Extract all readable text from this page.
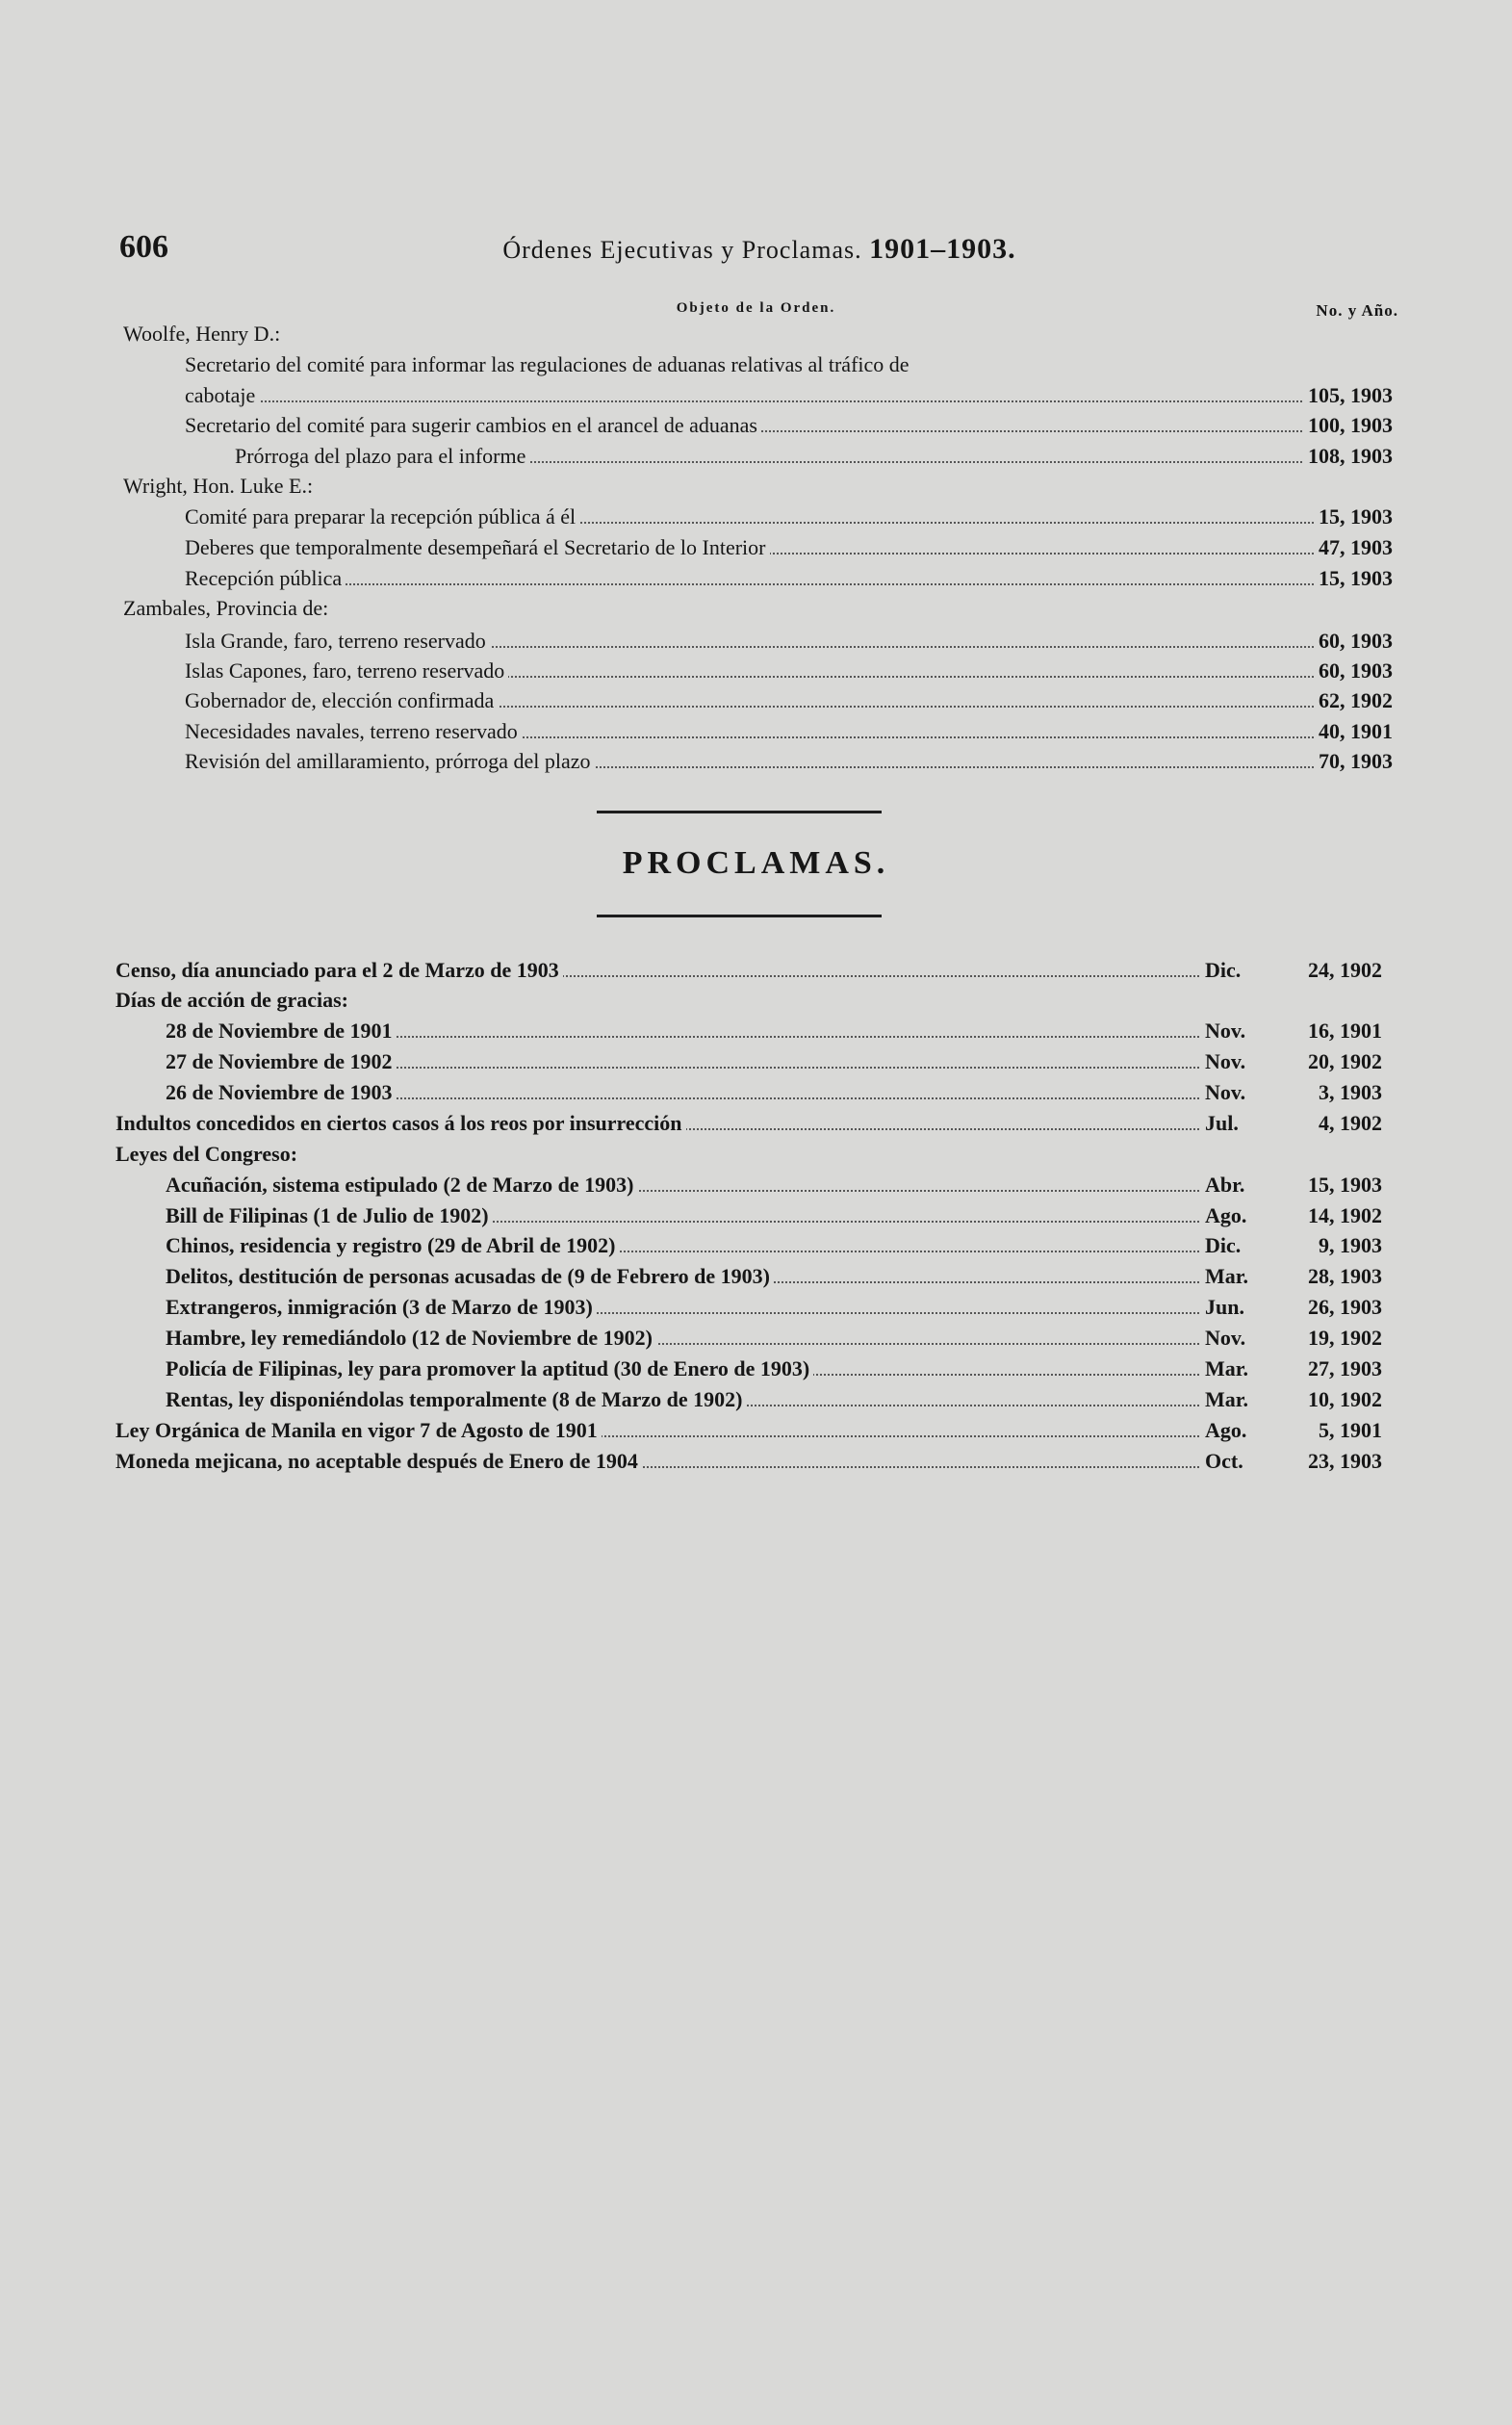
606	Órdenes Ejecutivas y Proclamas. 1901–1903.
Objeto de la Orden.	No. y Año.
Woolfe, Henry D.:
Secretario del comité para informar las regulaciones de aduanas relativas al tráfico de
cabotaje	105, 1903
Secretario del comité para sugerir cambios en el arancel de aduanas	100, 1903
Prórroga del plazo para el informe	108, 1903
Wright, Hon. Luke E.:
Comité para preparar la recepción pública á él	15, 1903
Deberes que temporalmente desempeñará el Secretario de lo Interior	47, 1903
Recepción pública	15, 1903
Zambales, Provincia de:
Isla Grande, faro, terreno reservado	60, 1903
Islas Capones, faro, terreno reservado	60, 1903
Gobernador de, elección confirmada	62, 1902
Necesidades navales, terreno reservado	40, 1901
Revisión del amillaramiento, prórroga del plazo	70, 1903
PROCLAMAS.
Censo, día anunciado para el 2 de Marzo de 1903	Dic.	24, 1902
Días de acción de gracias:
28 de Noviembre de 1901	Nov.	16, 1901
27 de Noviembre de 1902	Nov.	20, 1902
26 de Noviembre de 1903	Nov.	3, 1903
Indultos concedidos en ciertos casos á los reos por insurrección	Jul.	4, 1902
Leyes del Congreso:
Acuñación, sistema estipulado (2 de Marzo de 1903)	Abr.	15, 1903
Bill de Filipinas (1 de Julio de 1902)	Ago.	14, 1902
Chinos, residencia y registro (29 de Abril de 1902)	Dic.	9, 1903
Delitos, destitución de personas acusadas de (9 de Febrero de 1903)	Mar.	28, 1903
Extrangeros, inmigración (3 de Marzo de 1903)	Jun.	26, 1903
Hambre, ley remediándolo (12 de Noviembre de 1902)	Nov.	19, 1902
Policía de Filipinas, ley para promover la aptitud (30 de Enero de 1903)	Mar.	27, 1903
Rentas, ley disponiéndolas temporalmente (8 de Marzo de 1902)	Mar.	10, 1902
Ley Orgánica de Manila en vigor 7 de Agosto de 1901	Ago.	5, 1901
Moneda mejicana, no aceptable después de Enero de 1904	Oct.	23, 1903
